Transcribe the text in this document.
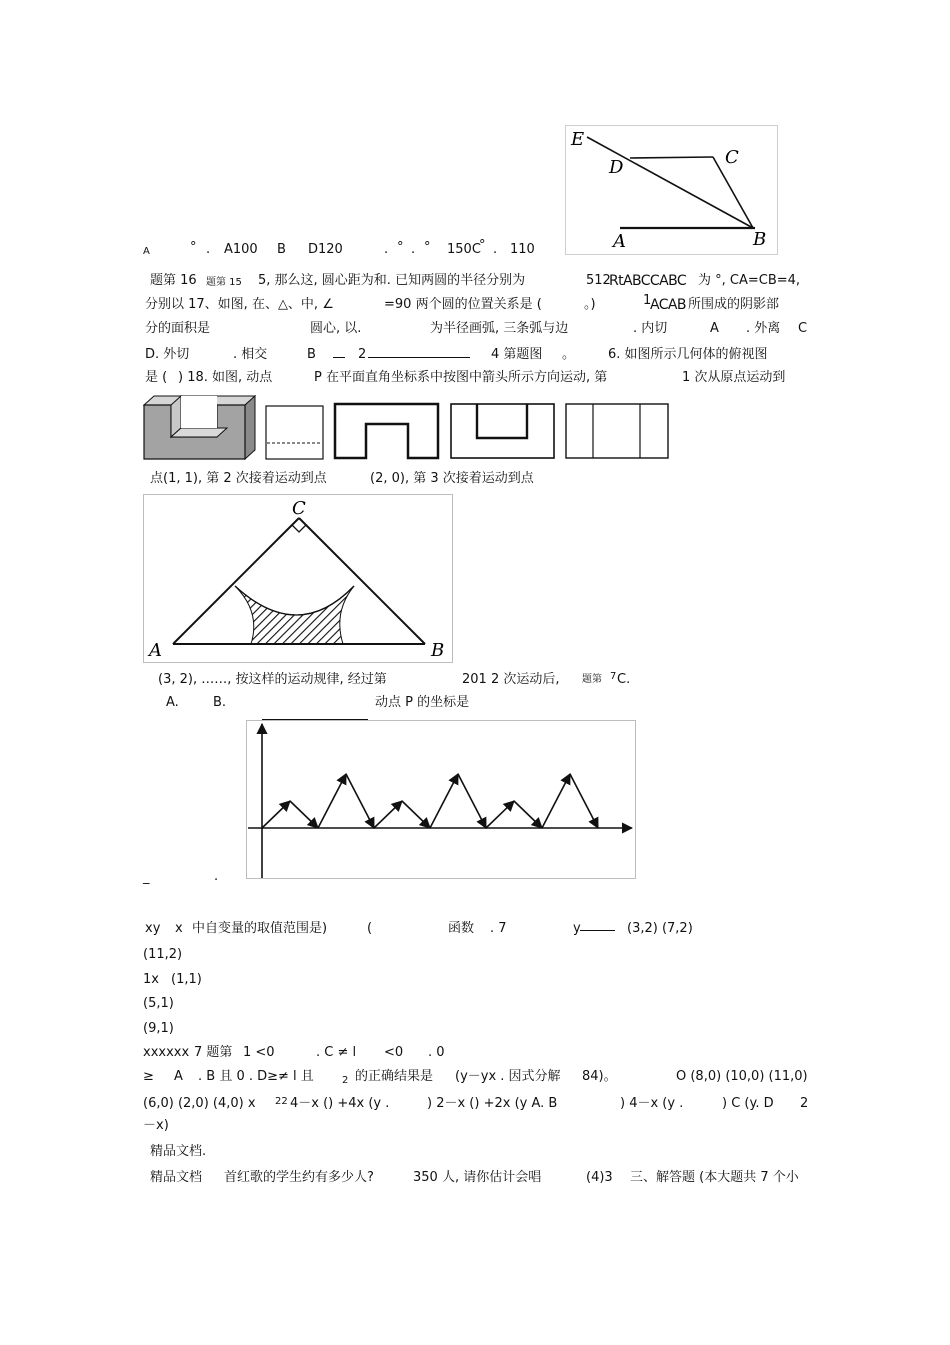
E
D	C
A	B
A	° . A100 B D120	. ° . ° 150C
° . 110
题第 16 题第 15 5, 那么这, 圆心距为和. 已知两圆的半径分别为	512
RtABCCABC 为 °, CA=CB=4,
分别以 17、如图, 在、△、中, ∠	=90 两个圆的位置关系是 (	。)	1
ACAB 所围成的阴影部
分的面积是	圆心, 以.	为半径画弧, 三条弧与边	. 内切	A . 外离 C
D. 外切	. 相交	B	2	4 第题图 。	6. 如图所示几何体的俯视图
是 ( ) 18. 如图, 动点	P 在平面直角坐标系中按图中箭头所示方向运动, 第	1 次从原点运动到
点(1, 1), 第 2 次接着运动到点	(2, 0), 第 3 次接着运动到点
C
A	B
(3, 2), ……, 按这样的运动规律, 经过第	201 2 次运动后, 题第 7 C.
A.	B.	动点 P 的坐标是
_	.
xy x 中自变量的取值范围是)	(	函数 . 7	y	(3,2) (7,2)
(11,2)
1x (1,1)
(5,1)
(9,1)
xxxxxx 7 题第 1 <0	. C ≠ l <0 . 0
≥ A . B 且 0 . D≥≠ l 且	2 的正确结果是 (y－yx . 因式分解 84)。	O (8,0) (10,0) (11,0)
(6,0) (2,0) (4,0) x 22 4－x () +4x (y .	) 2－x () +2x (y A. B	) 4－x (y .	) C (y. D 2
－x)
精品文档.
精品文档 首红歌的学生约有多少人?	350 人, 请你估计会唱	(4)3 三、解答题 (本大题共 7 个小
